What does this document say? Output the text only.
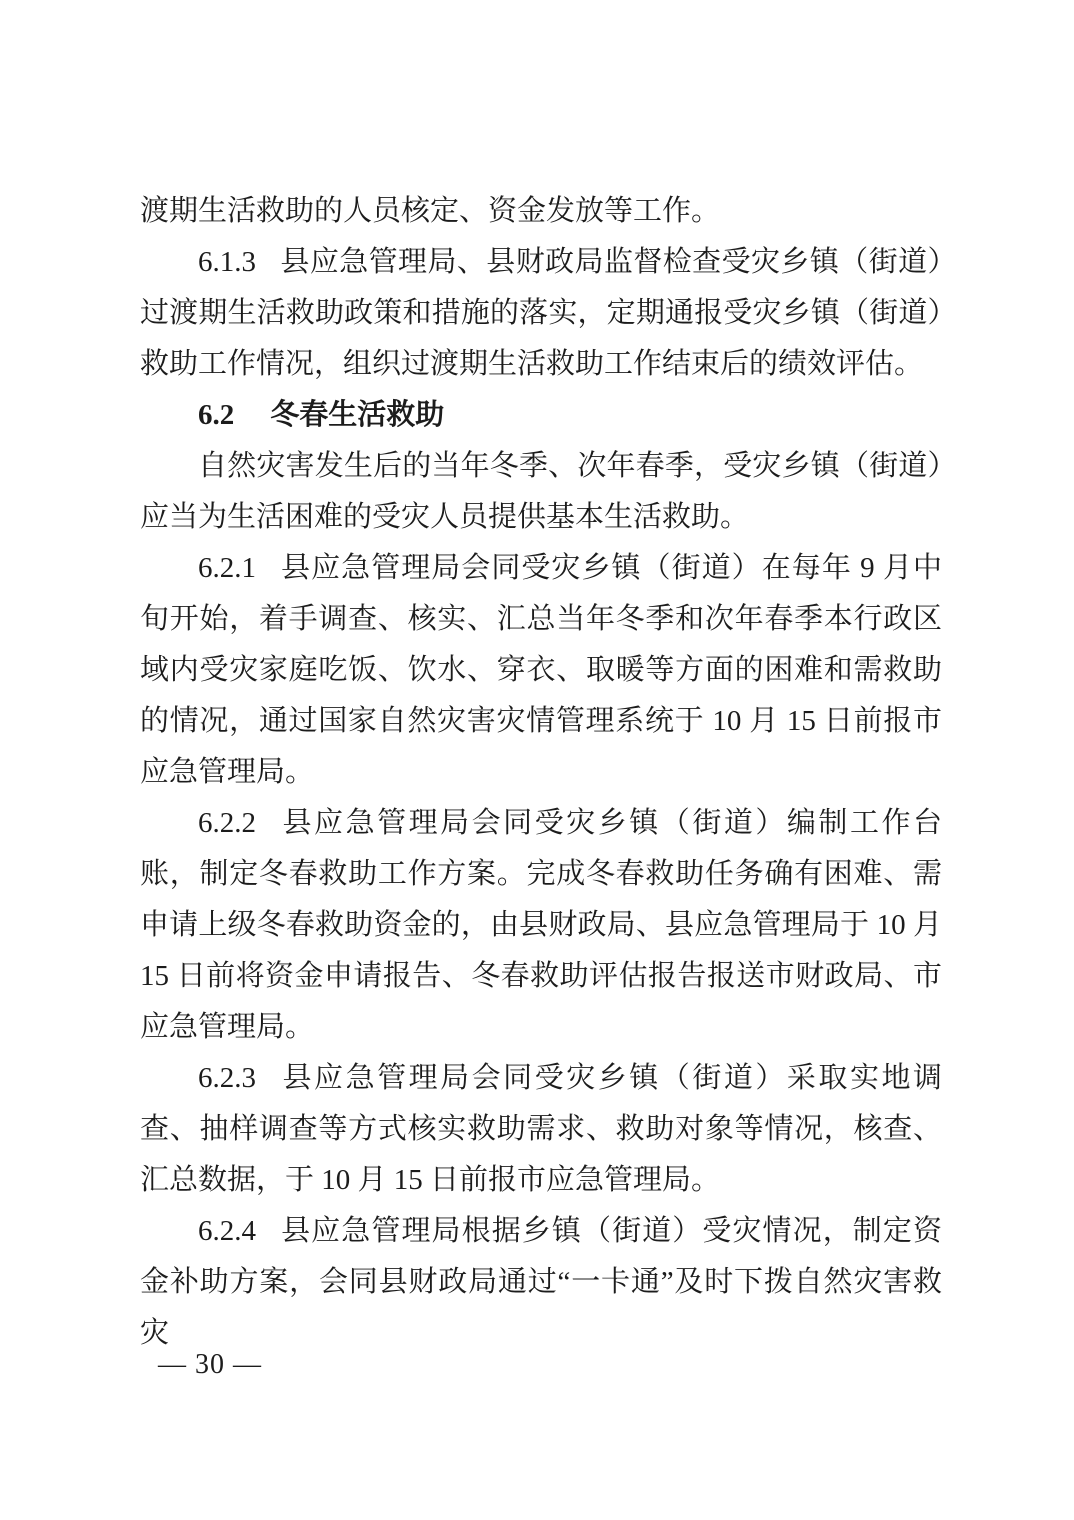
渡期生活救助的人员核定、资金发放等工作。

6.1.3 县应急管理局、县财政局监督检查受灾乡镇（街道）过渡期生活救助政策和措施的落实，定期通报受灾乡镇（街道）救助工作情况，组织过渡期生活救助工作结束后的绩效评估。

6.2 冬春生活救助

自然灾害发生后的当年冬季、次年春季，受灾乡镇（街道）应当为生活困难的受灾人员提供基本生活救助。

6.2.1 县应急管理局会同受灾乡镇（街道）在每年 9 月中旬开始，着手调查、核实、汇总当年冬季和次年春季本行政区域内受灾家庭吃饭、饮水、穿衣、取暖等方面的困难和需救助的情况，通过国家自然灾害灾情管理系统于 10 月 15 日前报市应急管理局。

6.2.2 县应急管理局会同受灾乡镇（街道）编制工作台账，制定冬春救助工作方案。完成冬春救助任务确有困难、需申请上级冬春救助资金的，由县财政局、县应急管理局于 10 月 15 日前将资金申请报告、冬春救助评估报告报送市财政局、市应急管理局。

6.2.3 县应急管理局会同受灾乡镇（街道）采取实地调查、抽样调查等方式核实救助需求、救助对象等情况，核查、汇总数据，于 10 月 15 日前报市应急管理局。

6.2.4 县应急管理局根据乡镇（街道）受灾情况，制定资金补助方案，会同县财政局通过“一卡通”及时下拨自然灾害救灾

— 30 —
